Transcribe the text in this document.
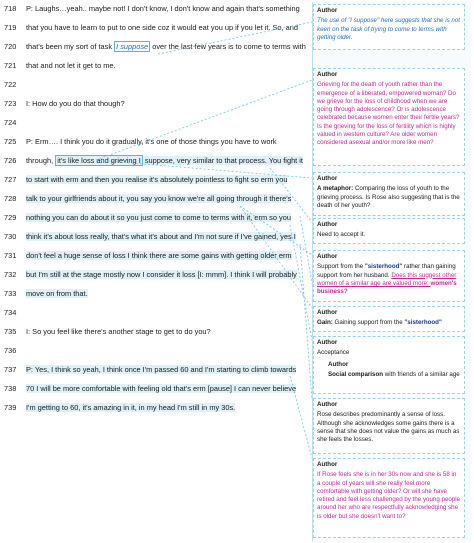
718 P: Laughs…yeah.. maybe not! I don't know, I don't know and again that's something
719 that you have to learn to put to one side coz it would eat you up if you let it. So, and
720 that's been my sort of task I suppose over the last few years is to come to terms with
721 that and not let it get to me.
722
723 I: How do you do that though?
724
725 P: Erm…. I think you do it gradually, it's one of those things you have to work
726 through, it's like loss and grieving I suppose, very similar to that process. You fight it
727 to start with erm and then you realise it's absolutely pointless to fight so erm you
728 talk to your girlfriends about it, you say you know we're all going through it there's
729 nothing you can do about it so you just come to come to terms with it, erm so you
730 think it's about loss really, that's what it's about and I'm not sure if I've gained, yes I
731 don't feel a huge sense of loss I think there are some gains with getting older erm
732 but I'm still at the stage mostly now I consider it loss [I: mmm]. I think I will probably
733 move on from that.
734
735 I: So you feel like there's another stage to get to do you?
736
737 P: Yes, I think so yeah, I think once I'm passed 60 and I'm starting to climb towards
738 70 I will be more comfortable with feeling old that's erm [pause] I can never believe
739 I'm getting to 60, it's amazing in it, in my head I'm still in my 30s.
Author
The use of "I suppose" here suggests that she is not keen on the task of trying to come to terms with getting older.
Author
Grieving for the death of youth rather than the emergence of a liberated, empowered woman? Do we grieve for the loss of childhood when we are going through adolescence? Or is adolescence celebrated because women enter their fertile years? Is the grieving for the loss of fertility which is highly valued in western culture? Are older women considered asexual and/or more like men?
Author
A metaphor: Comparing the loss of youth to the grieving process. Is Rose also suggesting that is the death of her youth?
Author
Need to accept it.
Author
Support from the "sisterhood" rather than gaining support from her husband. Does this suggest other women of a similar age are valued more: women's business?
Author
Gain: Gaining support from the "sisterhood"
Author
Acceptance
Author
Social comparison with friends of a similar age
Author
Rose describes predominantly a sense of loss. Although she acknowledges some gains there is a sense that she does not value the gains as much as she feels the losses.
Author
If Rose feels she is in her 30s now and she is 58 in a couple of years will she really feel more comfortable with getting older? Or will she have retired and feel less challenged by the young people around her who are respectfully acknowledging she is older but she doesn't want to?
